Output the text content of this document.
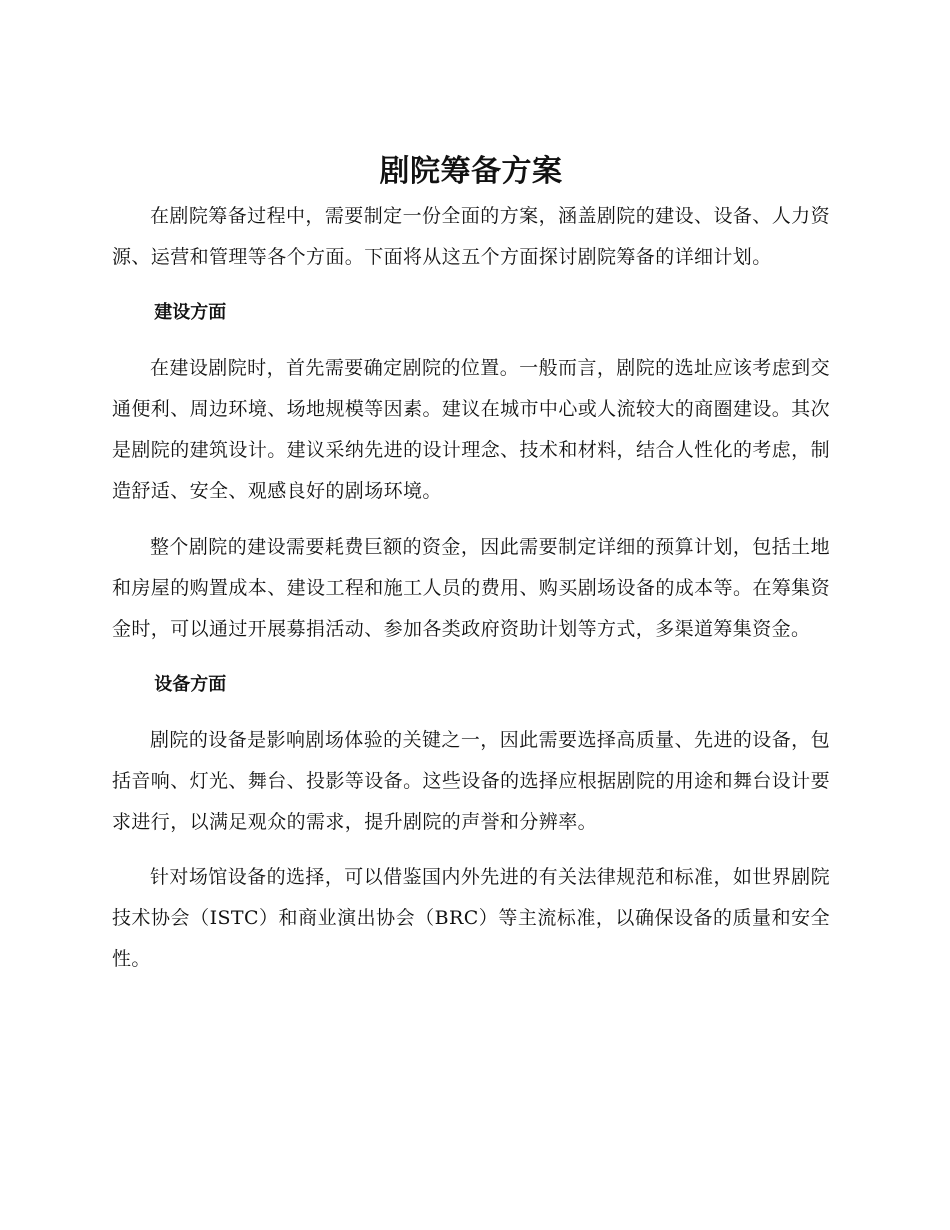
剧院筹备方案

在剧院筹备过程中，需要制定一份全面的方案，涵盖剧院的建设、设备、人力资源、运营和管理等各个方面。下面将从这五个方面探讨剧院筹备的详细计划。

建设方面

在建设剧院时，首先需要确定剧院的位置。一般而言，剧院的选址应该考虑到交通便利、周边环境、场地规模等因素。建议在城市中心或人流较大的商圈建设。其次是剧院的建筑设计。建议采纳先进的设计理念、技术和材料，结合人性化的考虑，制造舒适、安全、观感良好的剧场环境。

整个剧院的建设需要耗费巨额的资金，因此需要制定详细的预算计划，包括土地和房屋的购置成本、建设工程和施工人员的费用、购买剧场设备的成本等。在筹集资金时，可以通过开展募捐活动、参加各类政府资助计划等方式，多渠道筹集资金。

设备方面

剧院的设备是影响剧场体验的关键之一，因此需要选择高质量、先进的设备，包括音响、灯光、舞台、投影等设备。这些设备的选择应根据剧院的用途和舞台设计要求进行，以满足观众的需求，提升剧院的声誉和分辨率。

针对场馆设备的选择，可以借鉴国内外先进的有关法律规范和标准，如世界剧院技术协会（ISTC）和商业演出协会（BRC）等主流标准，以确保设备的质量和安全性。
